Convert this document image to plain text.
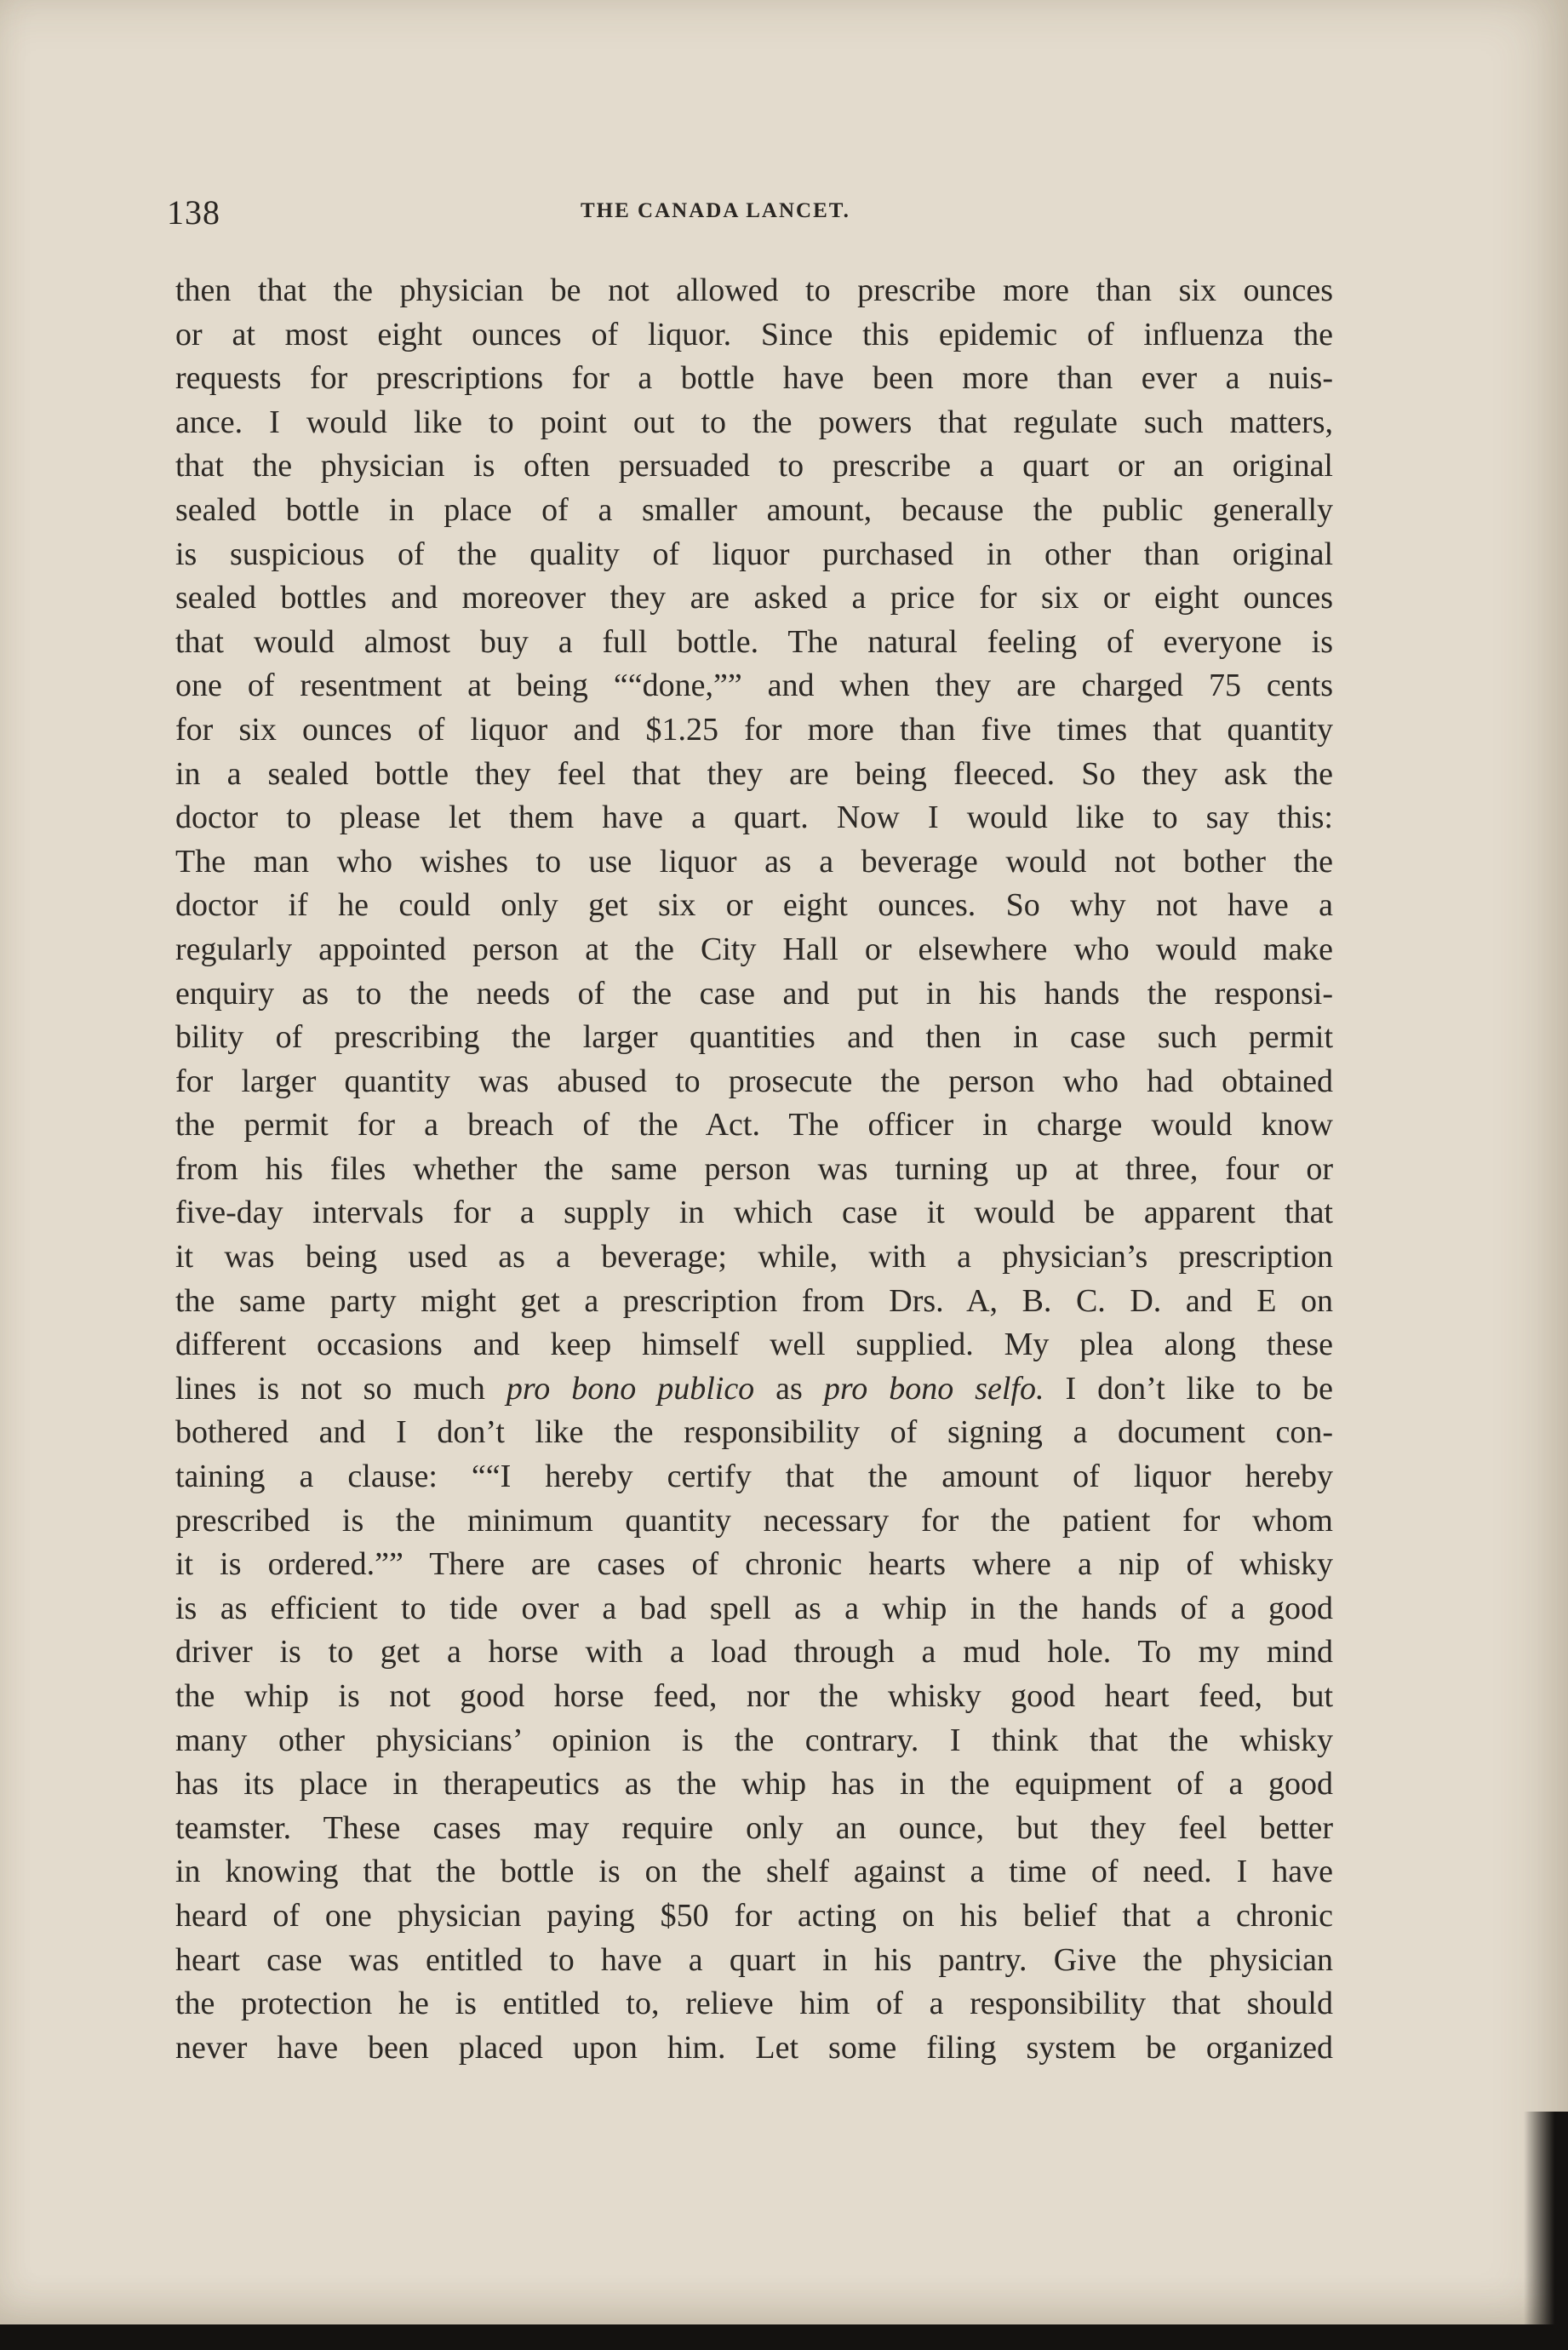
138	THE CANADA LANCET.
then that the physician be not allowed to prescribe more than six ounces
or at most eight ounces of liquor. Since this epidemic of influenza the
requests for prescriptions for a bottle have been more than ever a nuis-
ance. I would like to point out to the powers that regulate such matters,
that the physician is often persuaded to prescribe a quart or an original
sealed bottle in place of a smaller amount, because the public generally
is suspicious of the quality of liquor purchased in other than original
sealed bottles and moreover they are asked a price for six or eight ounces
that would almost buy a full bottle. The natural feeling of everyone is
one of resentment at being ““done,”” and when they are charged 75 cents
for six ounces of liquor and $1.25 for more than five times that quantity
in a sealed bottle they feel that they are being fleeced. So they ask the
doctor to please let them have a quart. Now I would like to say this:
The man who wishes to use liquor as a beverage would not bother the
doctor if he could only get six or eight ounces. So why not have a
regularly appointed person at the City Hall or elsewhere who would make
enquiry as to the needs of the case and put in his hands the responsi-
bility of prescribing the larger quantities and then in case such permit
for larger quantity was abused to prosecute the person who had obtained
the permit for a breach of the Act. The officer in charge would know
from his files whether the same person was turning up at three, four or
five-day intervals for a supply in which case it would be apparent that
it was being used as a beverage; while, with a physician’s prescription
the same party might get a prescription from Drs. A, B. C. D. and E on
different occasions and keep himself well supplied. My plea along these
lines is not so much pro bono publico as pro bono selfo. I don’t like to be
bothered and I don’t like the responsibility of signing a document con-
taining a clause: ““I hereby certify that the amount of liquor hereby
prescribed is the minimum quantity necessary for the patient for whom
it is ordered.”” There are cases of chronic hearts where a nip of whisky
is as efficient to tide over a bad spell as a whip in the hands of a good
driver is to get a horse with a load through a mud hole. To my mind
the whip is not good horse feed, nor the whisky good heart feed, but
many other physicians’ opinion is the contrary. I think that the whisky
has its place in therapeutics as the whip has in the equipment of a good
teamster. These cases may require only an ounce, but they feel better
in knowing that the bottle is on the shelf against a time of need. I have
heard of one physician paying $50 for acting on his belief that a chronic
heart case was entitled to have a quart in his pantry. Give the physician
the protection he is entitled to, relieve him of a responsibility that should
never have been placed upon him. Let some filing system be organized
